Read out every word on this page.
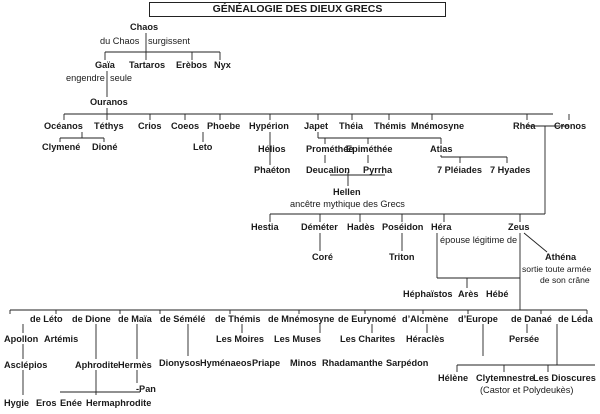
GÉNÉALOGIE DES DIEUX GRECS
Chaos
du Chaos surgissent
Gaïa Tartaros Erèbos Nyx
engendre seule
Ouranos
Océanos Téthys Crios Coeos Phoebe Hypérion Japet Théia Thémis Mnémosyne	Rhéa Cronos
Clymené Dioné	Leto	Hélios Prométhée
Epiméthée	Atlas
Phaéton Deucalion Pyrrha	7 Pléiades 7 Hyades
Hellen
ancêtre mythique des Grecs
Hestia Déméter Hadès Poséidon Héra	Zeus
épouse légitime de
Athéna
sortie toute armée
de son crâne
Coré	Triton
Héphaïstos Arès Hébé
de Léto de Dione de Maïa de Sémélé de Thémis de Mnémosyne de Eurynomé d’Alcmène d’Europe de Danaé de Léda
Apollon Artémis	Les Moires Les Muses Les Charites Héraclès	Persée
Asclépios	Aphrodite Hermès Dionysos Hyménaeos Priape Minos Rhadamanthe Sarpédon
Hélène Clytemnestre
Les Dioscures
(Castor et Polydeukès)
-Pan
Hygie Eros Enée Hermaphrodite
